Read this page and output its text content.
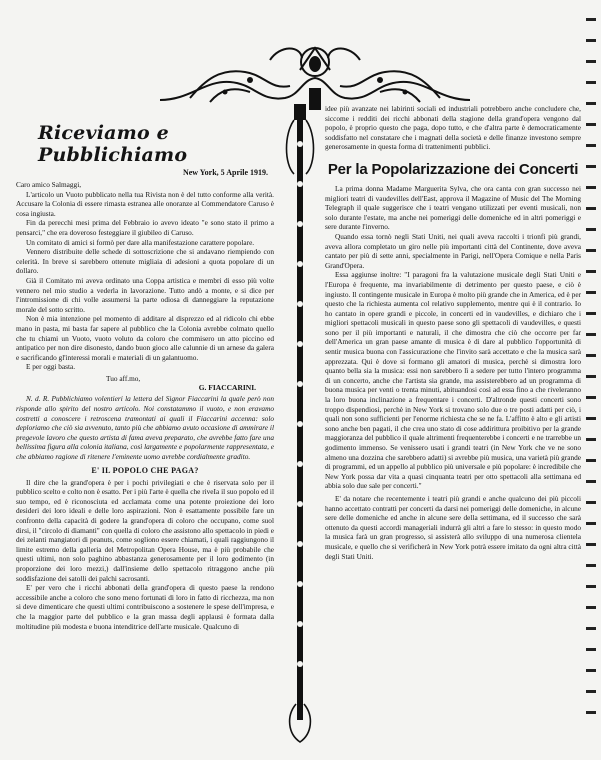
Riceviamo e Pubblichiamo
New York, 5 Aprile 1919.

Caro amico Salmaggi,

L'articolo un Vuoto pubblicato nella tua Rivista non è del tutto conforme alla verità. Accusare la Colonia di essere rimasta estranea alle onoranze al Commendatore Caruso è cosa ingiusta.

Fin da perecchi mesi prima del Febbraio io avevo ideato "e sono stato il primo a pensarci," che era doveroso festeggiare il giubileo di Caruso.

Un comitato di amici si formò per dare alla manifestazione carattere popolare.

Vennero distribuite delle schede di sottoscrizione che si andavano riempiendo con celerità. In breve si sarebbero ottenute migliaia di adesioni a quota popolare di un dollaro.

Già il Comitato mi aveva ordinato una Coppa artistica e membri di esso più volte vennero nel mio studio a vederla in lavorazione. Tutto andò a monte, e si dice per l'intromissione di chi volle assumersi la parte odiosa di danneggiare la reputazione morale del sotto scritto.

Non è mia intenzione pel momento di additare al disprezzo ed al ridicolo chi ebbe mano in pasta, mi basta far sapere al pubblico che la Colonia avrebbe colmato quello che tu chiami un Vuoto, vuoto voluto da coloro che commisero un atto piccino ed antipatico per non dire disonesto, dando buon gioco alle calunnie di un arnese da galera e sacrificando gl'interessi morali e materiali di un galantuomo.

E per oggi basta.

Tuo aff.mo,
G. FIACCARINI.

N. d. R. Pubblichiamo volentieri la lettera del Signor Fiaccarini la quale però non risponde allo spirito del nostro articolo. Noi constatammo il vuoto, e non eravamo costretti a conoscere i retroscena tramontati ai quali il Fiaccarini accenna: solo deploriamo che ciò sia avvenuto, tanto più che abbiamo avuto occasione di ammirare il pregevole lavoro che questo artista di fama aveva preparato, che avrebbe fatto fare una bellissima figura alla colonia italiana, così largamente e popolarmente rappresentata, e che abbiamo ragione di ritenere l'eminente uomo avrebbe cordialmente gradito.

E' IL POPOLO CHE PAGA?

Il dire che la grand'opera è per i pochi privilegiati e che è riservata solo per il pubblico scelto e colto non è esatto. Per i più l'arte è quella che riveIa il suo popolo ed il suo tempo, ed è riconosciuta ed acclamata come una potente proiezione dei loro desideri dei loro ideali e delle loro aspirazioni. Non è esattamente possibile fare un confronto della capacità di godere la grand'opera di coloro che occupano, come suol dirsi, il "circolo di diamanti" con quella di coloro che assistono allo spettacolo in piedi e dei zelanti mangiatori di peanuts, come sogliono essere chiamati, i quali raggiungono il limite estremo della galleria del Metropolitan Opera House, ma è più probabile che questi ultimi, non solo paghino abbastanza generosamente per il loro godimento (in proporzione dei loro mezzi,) dall'insieme dello spettacolo ritraggono anche più soddisfazione dei satolli dei palchi sacrosanti.

E' per vero che i ricchi abbonati della grand'opera di questo paese la rendono accessibile anche a coloro che sono meno fortunati di loro in fatto di ricchezza, ma non si deve dimenticare che questi ultimi contribuiscono a sostenere le spese dell'impresa, e che la maggior parte del pubblico e la gran massa degli applausi è formata dalla moltitudine più modesta e buona intenditrice dell'arte musicale. Qualcuno di

idee più avanzate nei labirinti sociali ed industriali potrebbero anche concludere che, siccome i redditi dei ricchi abbonati della stagione della grand'opera vengono dal popolo, è proprio questo che paga, dopo tutto, e che d'altra parte è democraticamente soddisfatto nel constatare che i magnati della società e delle finanze investono sempre generosamente in questa forma di trattenimenti pubblici.

Per la Popolarizzazione dei Concerti

La prima donna Madame Marguerita Sylva, che ora canta con gran successo nei migliori teatri di vaudevilles dell'East, approva il Magazine of Music del The Morning Telegraph il quale suggerisce che i teatri vengano utilizzati per eventi musicali, non solo durante l'estate, ma anche nei pomeriggi delle domeniche ed in altri pomeriggi e sere durante l'inverno.

Quando essa tornò negli Stati Uniti, nei quali aveva raccolti i trionfi più grandi, aveva allora completato un giro nelle più importanti città del Continente, dove aveva cantato per più di sette anni, specialmente in Parigi, nell'Opera Comique e nella Paris Grand'Opera.

Essa aggiunse inoltre: "I paragoni fra la valutazione musicale degli Stati Uniti e l'Europa è frequente, ma invariabilmente di detrimento per questo paese, e ciò è ingiusto. Il contingente musicale in Europa è molto più grande che in America, ed è per questo che la richiesta aumenta col relativo supplemento, mentre qui è il contrario. Io ho cantato in opere grandi e piccole, in concerti ed in vaudevilles, e dichiaro che i migliori spettacoli musicali in questo paese sono gli spettacoli di vaudevilles, e questi sono per il più importanti e naturali, il che dimostra che ciò che occorre per far dell'America un gran paese amante di musica è di dare al pubblico l'opportunità di sentir musica buona con l'assicurazione che l'invito sarà accettato e che la musica sarà apprezzata. Qui è dove si formano gli amatori di musica, perchè si dimostra loro quanto bella sia la musica: essi non sarebbero lì a sedere per tutto l'intero programma di un concerto, anche che l'artista sia grande, ma assisterebbero ad un programma di buona musica per venti o trenta minuti, abituandosi così ad essa fino a che riveleranno la loro buona inclinazione a frequentare i concerti. D'altronde questi concerti sono troppo dispendiosi, perchè in New York si trovano solo due o tre posti adatti per ciò, i quali non sono sufficienti per l'enorme richiesta che se ne fa. L'affitto è alto e gli artisti sono anche ben pagati, il che crea uno stato di cose addirittura proibitivo per la grande maggioranza del pubblico il quale altrimenti frequenterebbe i concerti e ne trarrebbe un godimento immenso. Se venissero usati i grandi teatri (in New York che ve ne sono almeno una dozzina che sarebbero adatti) si avrebbe più musica, una varietà più grande di programmi, ed un appello al pubblico più universale e più popolare: è incredibile che New York possa dar vita a quasi cinquanta teatri per otto spettacoli alla settimana ed abbia solo due sale per concerti."

E' da notare che recentemente i teatri più grandi e anche qualcuno dei più piccoli hanno accettato contratti per concerti da darsi nei pomeriggi delle domeniche, in alcune sere delle domeniche ed anche in alcune sere della settimana, ed il successo che sarà ottenuto da questi accordi manageriali indurrà gli altri a fare lo stesso: in questo modo la musica farà un gran progresso, si assisterà allo sviluppo di una numerosa clientela musicale, e quello che si verificherà in New York potrà essere imitato da ogni altra città degli Stati Uniti.
